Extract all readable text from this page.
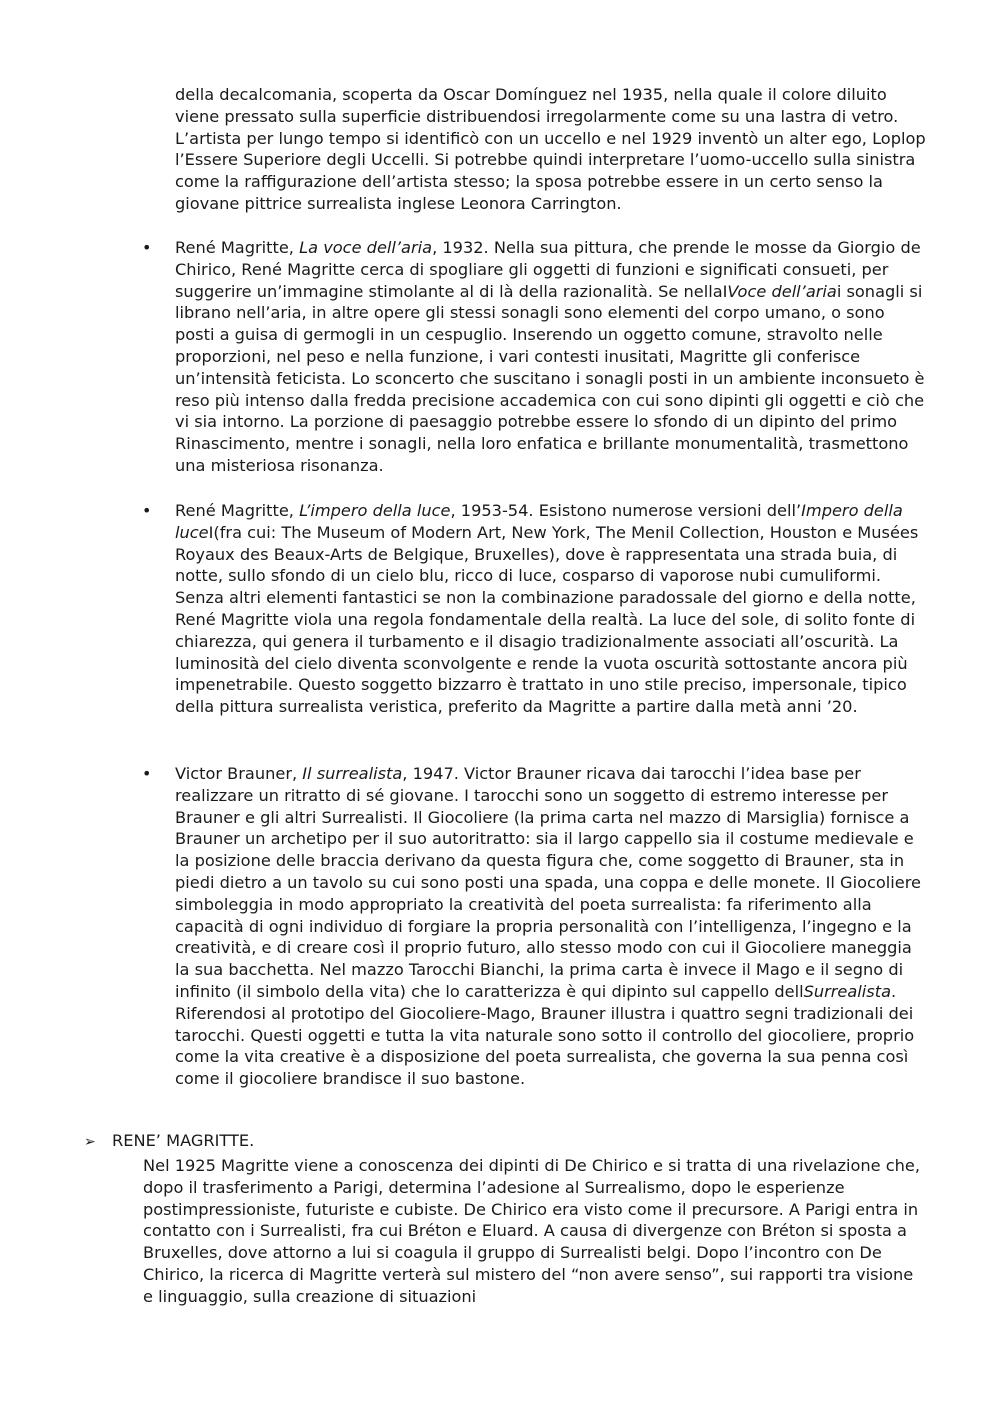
della decalcomania, scoperta da Oscar Domínguez nel 1935, nella quale il colore diluito viene pressato sulla superficie distribuendosi irregolarmente come su una lastra di vetro. L’artista per lungo tempo si identificò con un uccello e nel 1929 inventò un alter ego, Loplop l’Essere Superiore degli Uccelli. Si potrebbe quindi interpretare l’uomo-uccello sulla sinistra come la raffigurazione dell’artista stesso; la sposa potrebbe essere in un certo senso la giovane pittrice surrealista inglese Leonora Carrington.
• René Magritte, La voce dell’aria, 1932. Nella sua pittura, che prende le mosse da Giorgio de Chirico, René Magritte cerca di spogliare gli oggetti di funzioni e significati consueti, per suggerire un’immagine stimolante al di là della razionalità. Se nellaIVoce dell’ariai sonagli si librano nell’aria, in altre opere gli stessi sonagli sono elementi del corpo umano, o sono posti a guisa di germogli in un cespuglio. Inserendo un oggetto comune, stravolto nelle proporzioni, nel peso e nella funzione, i vari contesti inusitati, Magritte gli conferisce un’intensità feticista. Lo sconcerto che suscitano i sonagli posti in un ambiente inconsueto è reso più intenso dalla fredda precisione accademica con cui sono dipinti gli oggetti e ciò che vi sia intorno. La porzione di paesaggio potrebbe essere lo sfondo di un dipinto del primo Rinascimento, mentre i sonagli, nella loro enfatica e brillante monumentalità, trasmettono una misteriosa risonanza.
• René Magritte, L’impero della luce, 1953-54. Esistono numerose versioni dell’Impero della luceI(fra cui: The Museum of Modern Art, New York, The Menil Collection, Houston e Musées Royaux des Beaux-Arts de Belgique, Bruxelles), dove è rappresentata una strada buia, di notte, sullo sfondo di un cielo blu, ricco di luce, cosparso di vaporose nubi cumuliformi. Senza altri elementi fantastici se non la combinazione paradossale del giorno e della notte, René Magritte viola una regola fondamentale della realtà. La luce del sole, di solito fonte di chiarezza, qui genera il turbamento e il disagio tradizionalmente associati all’oscurità. La luminosità del cielo diventa sconvolgente e rende la vuota oscurità sottostante ancora più impenetrabile. Questo soggetto bizzarro è trattato in uno stile preciso, impersonale, tipico della pittura surrealista veristica, preferito da Magritte a partire dalla metà anni ’20.
• Victor Brauner, Il surrealista, 1947. Victor Brauner ricava dai tarocchi l’idea base per realizzare un ritratto di sé giovane. I tarocchi sono un soggetto di estremo interesse per Brauner e gli altri Surrealisti. Il Giocoliere (la prima carta nel mazzo di Marsiglia) fornisce a Brauner un archetipo per il suo autoritratto: sia il largo cappello sia il costume medievale e la posizione delle braccia derivano da questa figura che, come soggetto di Brauner, sta in piedi dietro a un tavolo su cui sono posti una spada, una coppa e delle monete. Il Giocoliere simboleggia in modo appropriato la creatività del poeta surrealista: fa riferimento alla capacità di ogni individuo di forgiare la propria personalità con l’intelligenza, l’ingegno e la creatività, e di creare così il proprio futuro, allo stesso modo con cui il Giocoliere maneggia la sua bacchetta. Nel mazzo Tarocchi Bianchi, la prima carta è invece il Mago e il segno di infinito (il simbolo della vita) che lo caratterizza è qui dipinto sul cappello dellSurrealista. Riferendosi al prototipo del Giocoliere-Mago, Brauner illustra i quattro segni tradizionali dei tarocchi. Questi oggetti e tutta la vita naturale sono sotto il controllo del giocoliere, proprio come la vita creative è a disposizione del poeta surrealista, che governa la sua penna così come il giocoliere brandisce il suo bastone.
➢ RENE’ MAGRITTE.
Nel 1925 Magritte viene a conoscenza dei dipinti di De Chirico e si tratta di una rivelazione che, dopo il trasferimento a Parigi, determina l’adesione al Surrealismo, dopo le esperienze postimpressioniste, futuriste e cubiste. De Chirico era visto come il precursore. A Parigi entra in contatto con i Surrealisti, fra cui Bréton e Eluard. A causa di divergenze con Bréton si sposta a Bruxelles, dove attorno a lui si coagula il gruppo di Surrealisti belgi. Dopo l’incontro con De Chirico, la ricerca di Magritte verterà sul mistero del “non avere senso”, sui rapporti tra visione e linguaggio, sulla creazione di situazioni
